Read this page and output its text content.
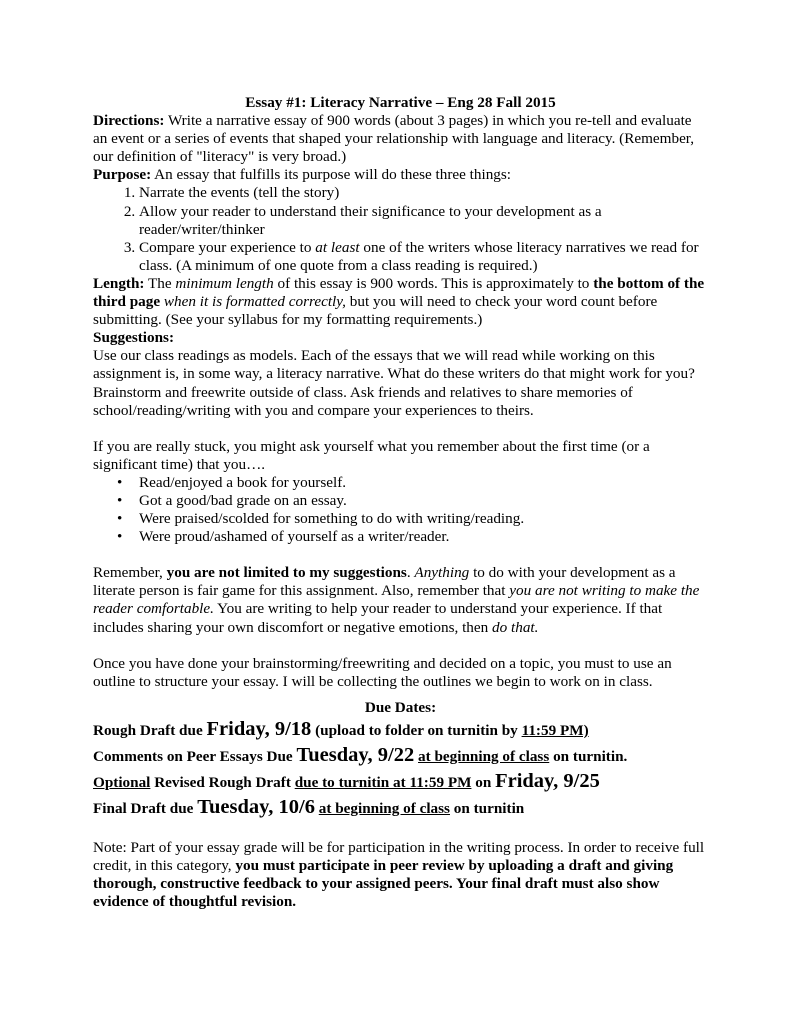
Essay #1: Literacy Narrative – Eng 28 Fall 2015

Directions: Write a narrative essay of 900 words (about 3 pages) in which you re-tell and evaluate an event or a series of events that shaped your relationship with language and literacy. (Remember, our definition of "literacy" is very broad.)

Purpose: An essay that fulfills its purpose will do these three things:

1. Narrate the events (tell the story)
2. Allow your reader to understand their significance to your development as a reader/writer/thinker
3. Compare your experience to at least one of the writers whose literacy narratives we read for class. (A minimum of one quote from a class reading is required.)

Length: The minimum length of this essay is 900 words. This is approximately to the bottom of the third page when it is formatted correctly, but you will need to check your word count before submitting. (See your syllabus for my formatting requirements.)

Suggestions:

Use our class readings as models. Each of the essays that we will read while working on this assignment is, in some way, a literacy narrative. What do these writers do that might work for you?

Brainstorm and freewrite outside of class. Ask friends and relatives to share memories of school/reading/writing with you and compare your experiences to theirs.

If you are really stuck, you might ask yourself what you remember about the first time (or a significant time) that you….

• Read/enjoyed a book for yourself.
• Got a good/bad grade on an essay.
• Were praised/scolded for something to do with writing/reading.
• Were proud/ashamed of yourself as a writer/reader.

Remember, you are not limited to my suggestions. Anything to do with your development as a literate person is fair game for this assignment. Also, remember that you are not writing to make the reader comfortable. You are writing to help your reader to understand your experience. If that includes sharing your own discomfort or negative emotions, then do that.

Once you have done your brainstorming/freewriting and decided on a topic, you must to use an outline to structure your essay. I will be collecting the outlines we begin to work on in class.

Due Dates:

Rough Draft due Friday, 9/18 (upload to folder on turnitin by 11:59 PM)

Comments on Peer Essays Due Tuesday, 9/22 at beginning of class on turnitin.

Optional Revised Rough Draft due to turnitin at 11:59 PM on Friday, 9/25

Final Draft due Tuesday, 10/6 at beginning of class on turnitin

Note: Part of your essay grade will be for participation in the writing process. In order to receive full credit, in this category, you must participate in peer review by uploading a draft and giving thorough, constructive feedback to your assigned peers. Your final draft must also show evidence of thoughtful revision.
